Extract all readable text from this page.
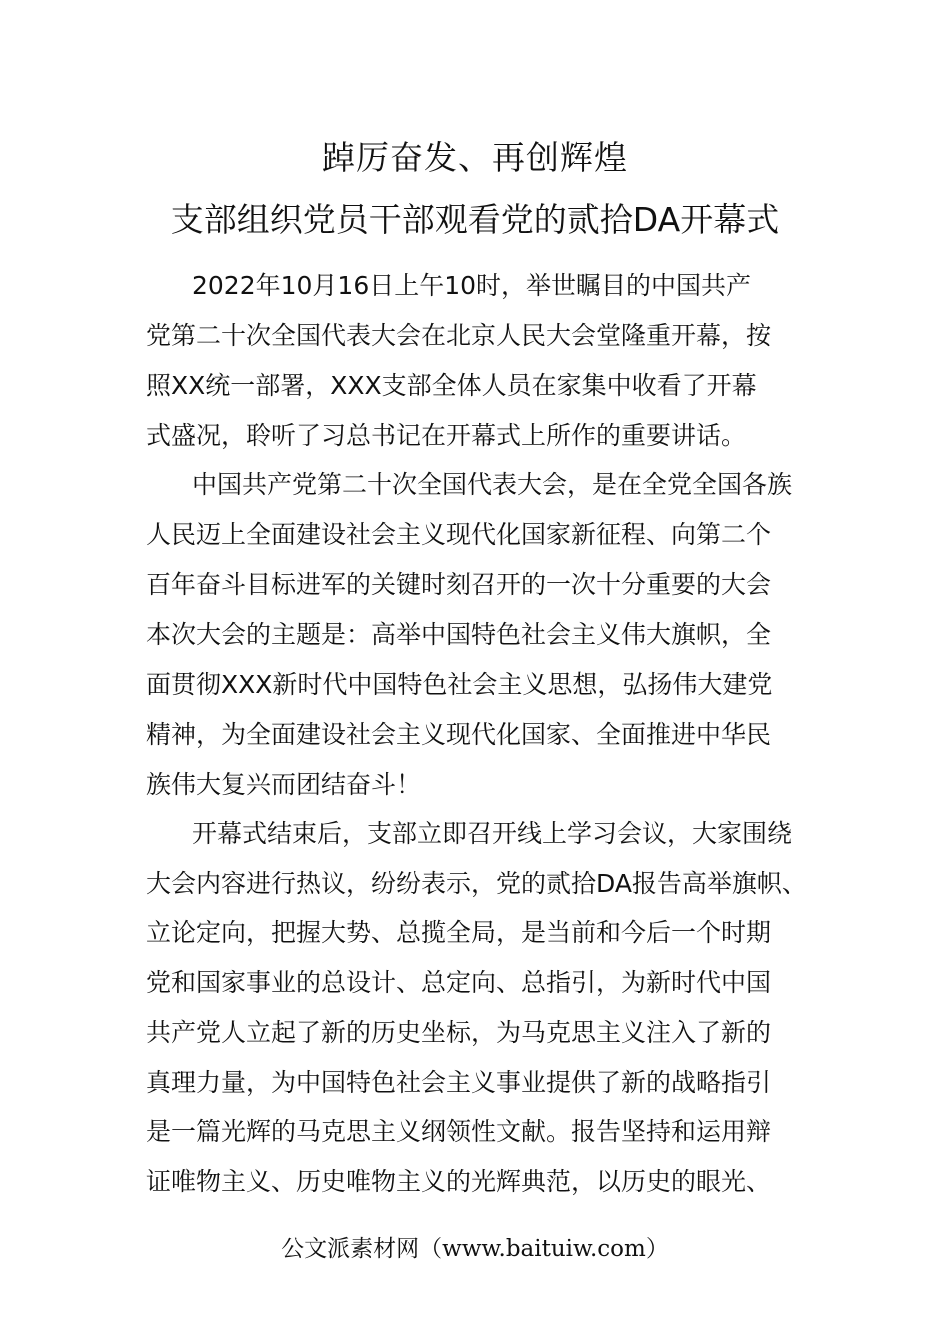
踔厉奋发、再创辉煌
支部组织党员干部观看党的贰拾DA开幕式

2022年10月16日上午10时，举世瞩目的中国共产

党第二十次全国代表大会在北京人民大会堂隆重开幕，按

照XX统一部署，XXX支部全体人员在家集中收看了开幕

式盛况，聆听了习总书记在开幕式上所作的重要讲话。

中国共产党第二十次全国代表大会，是在全党全国各族

人民迈上全面建设社会主义现代化国家新征程、向第二个

百年奋斗目标进军的关键时刻召开的一次十分重要的大会

本次大会的主题是：高举中国特色社会主义伟大旗帜，全

面贯彻XXX新时代中国特色社会主义思想，弘扬伟大建党

精神，为全面建设社会主义现代化国家、全面推进中华民

族伟大复兴而团结奋斗！

开幕式结束后，支部立即召开线上学习会议，大家围绕

大会内容进行热议，纷纷表示，党的贰拾DA报告高举旗帜、

立论定向，把握大势、总揽全局，是当前和今后一个时期

党和国家事业的总设计、总定向、总指引，为新时代中国

共产党人立起了新的历史坐标，为马克思主义注入了新的

真理力量，为中国特色社会主义事业提供了新的战略指引

是一篇光辉的马克思主义纲领性文献。报告坚持和运用辩

证唯物主义、历史唯物主义的光辉典范，以历史的眼光、

公文派素材网（www.baituiw.com）
